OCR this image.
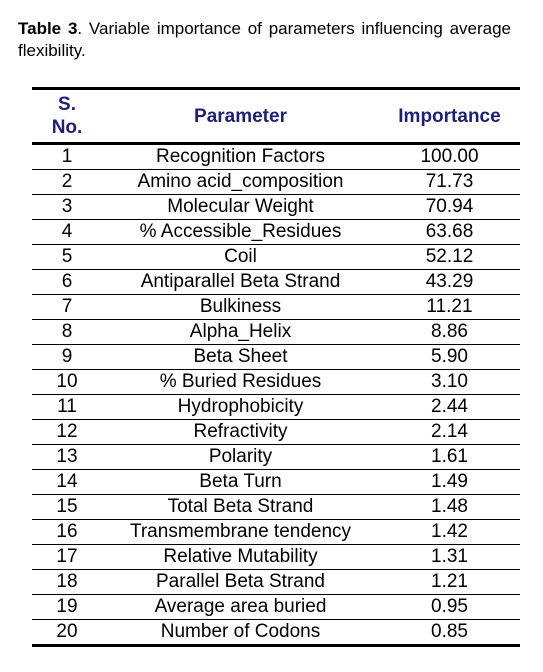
Table 3. Variable importance of parameters influencing average flexibility.
S.
No.	Parameter	Importance
1	Recognition Factors	100.00
2	Amino acid_composition	71.73
3	Molecular Weight	70.94
4	% Accessible_Residues	63.68
5	Coil	52.12
6	Antiparallel Beta Strand	43.29
7	Bulkiness	11.21
8	Alpha_Helix	8.86
9	Beta Sheet	5.90
10	% Buried Residues	3.10
11	Hydrophobicity	2.44
12	Refractivity	2.14
13	Polarity	1.61
14	Beta Turn	1.49
15	Total Beta Strand	1.48
16	Transmembrane tendency	1.42
17	Relative Mutability	1.31
18	Parallel Beta Strand	1.21
19	Average area buried	0.95
20	Number of Codons	0.85
